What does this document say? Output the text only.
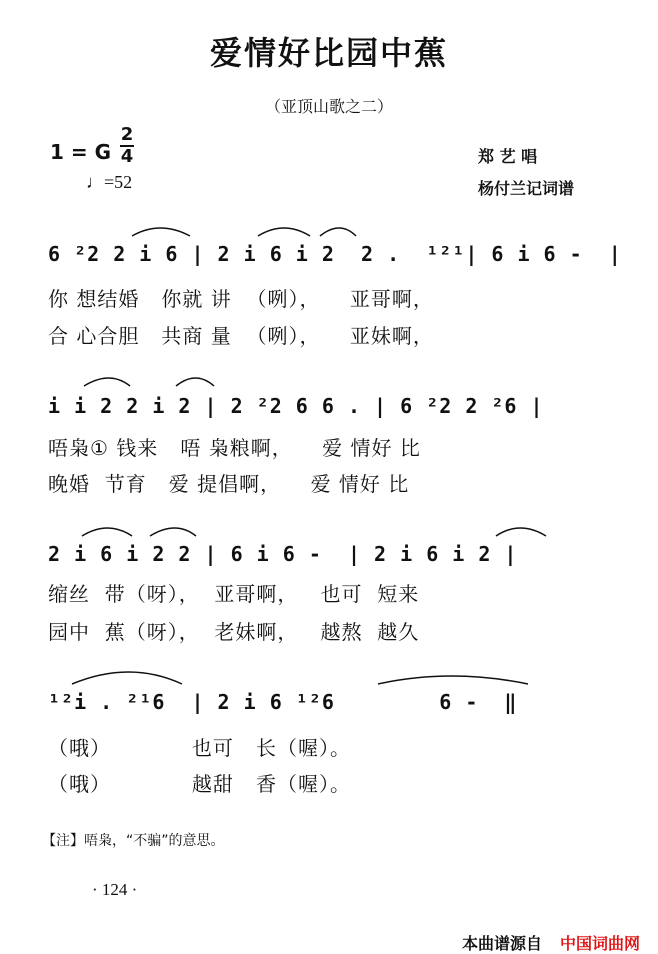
爱情好比园中蕉
（亚顶山歌之二）
1 = G
2
4
♩=52
郑 艺 唱
杨付兰记词谱
6 ²2 2 i 6 | 2 i 6 i 2  2 .  ¹²¹| 6 i 6 -  |
你 想结婚   你就 讲  （咧），    亚哥啊，
合 心合胆   共商 量  （咧），    亚妹啊，
i i 2 2 i 2 | 2 ²2 6 6 . | 6 ²2 2 ²6 |
唔枭① 钱来   唔 枭粮啊，    爱 情好 比
晚婚  节育   爱 提倡啊，    爱 情好 比
2 i 6 i 2 2 | 6 i 6 -  | 2 i 6 i 2 |
缩丝  带（呀），  亚哥啊，   也可  短来
园中  蕉（呀），  老妹啊，   越熬  越久
¹²i . ²¹6  | 2 i 6 ¹²6        6 -  ‖
（哦）           也可   长（喔）。
（哦）           越甜   香（喔）。
【注】唔枭，“不骗”的意思。
· 124 ·
本曲谱源自 中国词曲网
